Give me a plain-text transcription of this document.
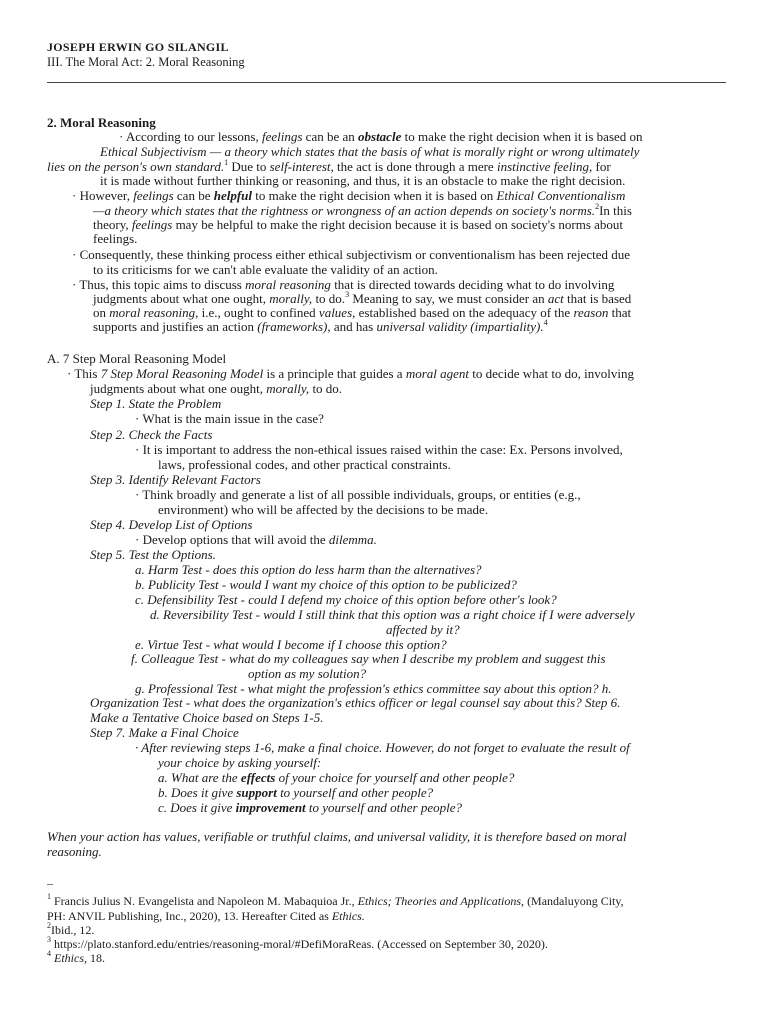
JOSEPH ERWIN GO SILANGIL
III. The Moral Act: 2. Moral Reasoning
2. Moral Reasoning
· According to our lessons, feelings can be an obstacle to make the right decision when it is based on
Ethical Subjectivism — a theory which states that the basis of what is morally right or wrong ultimately
lies on the person's own standard.$^1$ Due to self-interest, the act is done through a mere instinctive feeling, for
it is made without further thinking or reasoning, and thus, it is an obstacle to make the right decision.
· However, feelings can be helpful to make the right decision when it is based on Ethical Conventionalism
—a theory which states that the rightness or wrongness of an action depends on society's norms.$^2$In this
theory, feelings may be helpful to make the right decision because it is based on society's norms about
feelings.
· Consequently, these thinking process either ethical subjectivism or conventionalism has been rejected due
to its criticisms for we can't able evaluate the validity of an action.
· Thus, this topic aims to discuss moral reasoning that is directed towards deciding what to do involving
judgments about what one ought, morally, to do.$^3$ Meaning to say, we must consider an act that is based
on moral reasoning, i.e., ought to confined values, established based on the adequacy of the reason that
supports and justifies an action (frameworks), and has universal validity (impartiality).$^4$
A. 7 Step Moral Reasoning Model
· This 7 Step Moral Reasoning Model is a principle that guides a moral agent to decide what to do, involving
judgments about what one ought, morally, to do.
Step 1. State the Problem
· What is the main issue in the case?
Step 2. Check the Facts
· It is important to address the non-ethical issues raised within the case: Ex. Persons involved,
laws, professional codes, and other practical constraints.
Step 3. Identify Relevant Factors
· Think broadly and generate a list of all possible individuals, groups, or entities (e.g.,
environment) who will be affected by the decisions to be made.
Step 4. Develop List of Options
· Develop options that will avoid the dilemma.
Step 5. Test the Options.
a. Harm Test - does this option do less harm than the alternatives?
b. Publicity Test - would I want my choice of this option to be publicized?
c. Defensibility Test - could I defend my choice of this option before other's look?
d. Reversibility Test - would I still think that this option was a right choice if I were adversely
affected by it?
e. Virtue Test - what would I become if I choose this option?
f. Colleague Test - what do my colleagues say when I describe my problem and suggest this
option as my solution?
g. Professional Test - what might the profession's ethics committee say about this option? h.
Organization Test - what does the organization's ethics officer or legal counsel say about this? Step 6.
Make a Tentative Choice based on Steps 1-5.
Step 7. Make a Final Choice
· After reviewing steps 1-6, make a final choice. However, do not forget to evaluate the result of
your choice by asking yourself:
a. What are the effects of your choice for yourself and other people?
b. Does it give support to yourself and other people?
c. Does it give improvement to yourself and other people?
When your action has values, verifiable or truthful claims, and universal validity, it is therefore based on moral
reasoning.
–
$^1$ Francis Julius N. Evangelista and Napoleon M. Mabaquioa Jr., Ethics; Theories and Applications, (Mandaluyong City,
PH: ANVIL Publishing, Inc., 2020), 13. Hereafter Cited as Ethics.
$^2$Ibid., 12.
$^3$ https://plato.stanford.edu/entries/reasoning-moral/#DefiMoraReas. (Accessed on September 30, 2020).
$^4$ Ethics, 18.
